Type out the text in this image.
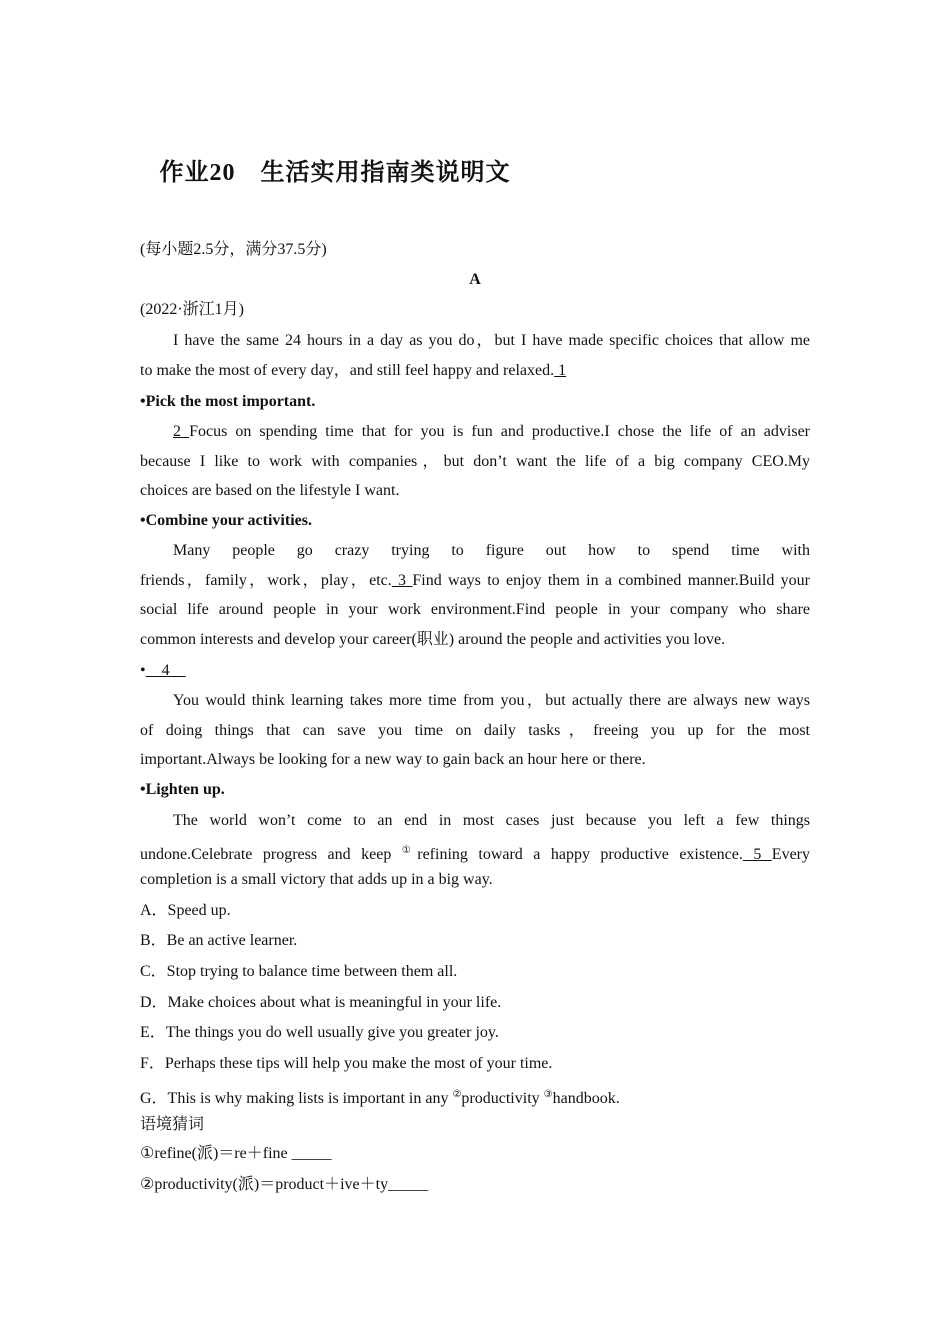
作业20　生活实用指南类说明文
(每小题2.5分，满分37.5分)
A
(2022·浙江1月)
I have the same 24 hours in a day as you do，but I have made specific choices that allow me
to make the most of every day，and still feel happy and relaxed. 1
•Pick the most important.
2 Focus on spending time that for you is fun and productive.I chose the life of an adviser
because I like to work with companies，but don’t want the life of a big company CEO.My
choices are based on the lifestyle I want.
•Combine your activities.
Many people go crazy trying to figure out how to spend time with
friends，family，work，play，etc. 3 Find ways to enjoy them in a combined manner.Build your
social life around people in your work environment.Find people in your company who share
common interests and develop your career(职业) around the people and activities you love.
•　4　
You would think learning takes more time from you，but actually there are always new ways
of doing things that can save you time on daily tasks，freeing you up for the most
important.Always be looking for a new way to gain back an hour here or there.
•Lighten up.
The world won’t come to an end in most cases just because you left a few things
undone.Celebrate progress and keep ①refining toward a happy productive existence. 5 Every
completion is a small victory that adds up in a big way.
A．Speed up.
B．Be an active learner.
C．Stop trying to balance time between them all.
D．Make choices about what is meaningful in your life.
E．The things you do well usually give you greater joy.
F．Perhaps these tips will help you make the most of your time.
G．This is why making lists is important in any ②productivity ③handbook.
语境猜词
①refine(派)＝re＋fine _____
②productivity(派)＝product＋ive＋ty_____
